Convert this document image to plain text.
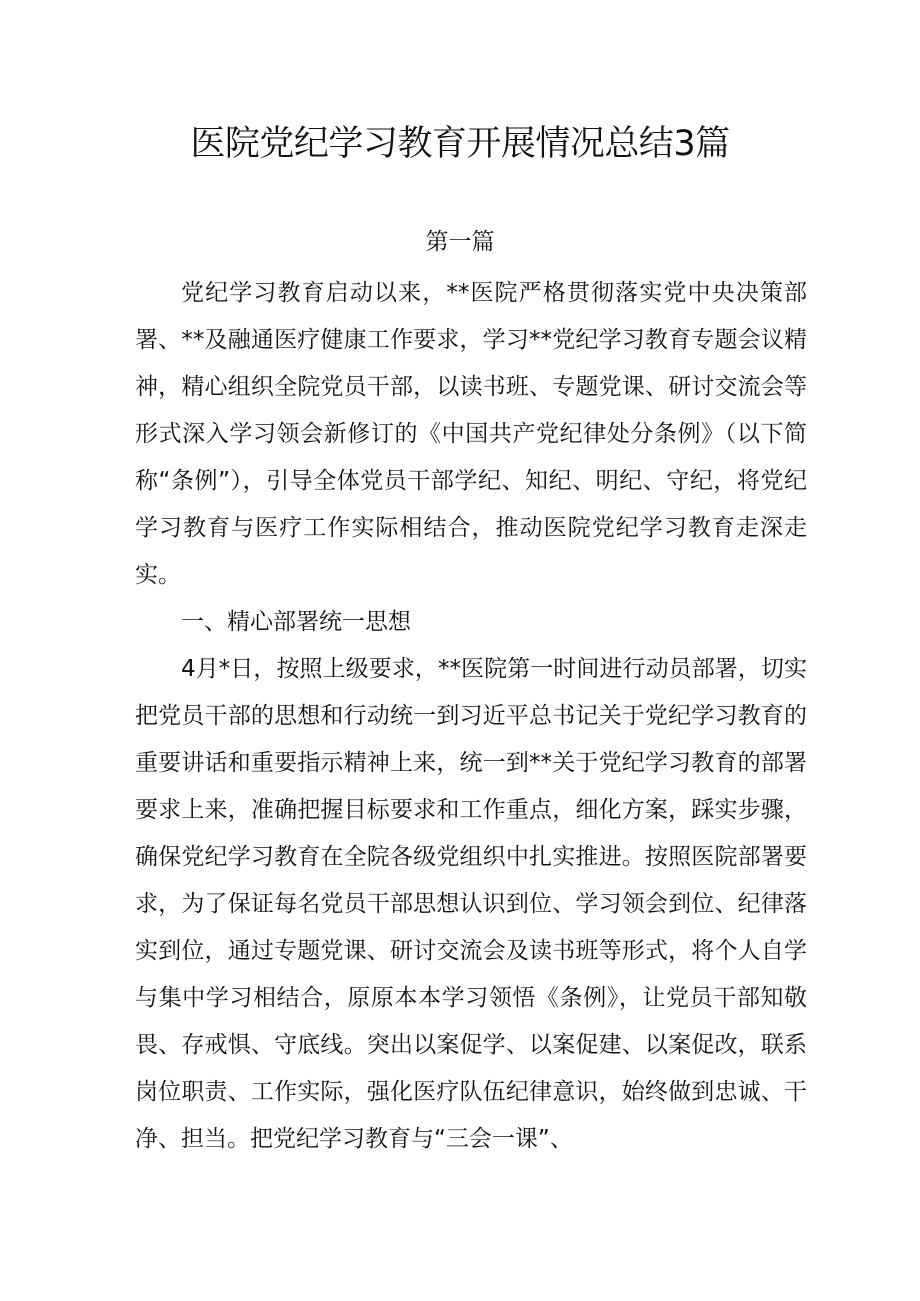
医院党纪学习教育开展情况总结3篇
第一篇

党纪学习教育启动以来，**医院严格贯彻落实党中央决策部署、**及融通医疗健康工作要求，学习**党纪学习教育专题会议精神，精心组织全院党员干部，以读书班、专题党课、研讨交流会等形式深入学习领会新修订的《中国共产党纪律处分条例》（以下简称“条例”），引导全体党员干部学纪、知纪、明纪、守纪，将党纪学习教育与医疗工作实际相结合，推动医院党纪学习教育走深走实。

一、精心部署统一思想

4月*日，按照上级要求，**医院第一时间进行动员部署，切实把党员干部的思想和行动统一到习近平总书记关于党纪学习教育的重要讲话和重要指示精神上来，统一到**关于党纪学习教育的部署要求上来，准确把握目标要求和工作重点，细化方案，踩实步骤，确保党纪学习教育在全院各级党组织中扎实推进。按照医院部署要求，为了保证每名党员干部思想认识到位、学习领会到位、纪律落实到位，通过专题党课、研讨交流会及读书班等形式，将个人自学与集中学习相结合，原原本本学习领悟《条例》，让党员干部知敬畏、存戒惧、守底线。突出以案促学、以案促建、以案促改，联系岗位职责、工作实际，强化医疗队伍纪律意识，始终做到忠诚、干净、担当。把党纪学习教育与“三会一课”、
